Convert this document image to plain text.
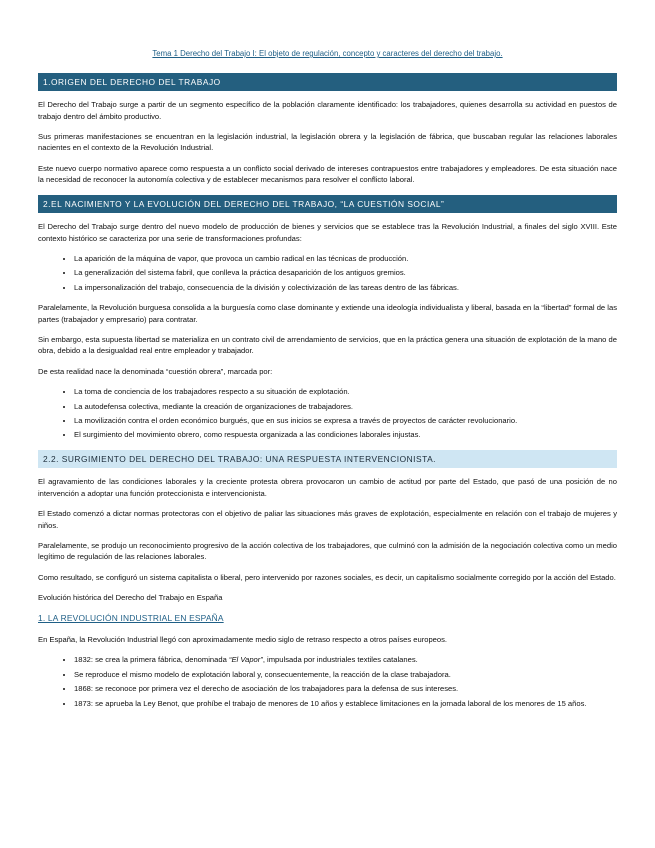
Tema 1 Derecho del Trabajo I: El objeto de regulación, concepto y caracteres del derecho del trabajo.
1.ORIGEN DEL DERECHO DEL TRABAJO

El Derecho del Trabajo surge a partir de un segmento específico de la población claramente identificado: los trabajadores, quienes desarrolla su actividad en puestos de trabajo dentro del ámbito productivo.

Sus primeras manifestaciones se encuentran en la legislación industrial, la legislación obrera y la legislación de fábrica, que buscaban regular las relaciones laborales nacientes en el contexto de la Revolución Industrial.

Este nuevo cuerpo normativo aparece como respuesta a un conflicto social derivado de intereses contrapuestos entre trabajadores y empleadores. De esta situación nace la necesidad de reconocer la autonomía colectiva y de establecer mecanismos para resolver el conflicto laboral.

2.EL NACIMIENTO Y LA EVOLUCIÓN DEL DERECHO DEL TRABAJO, “LA CUESTIÓN SOCIAL”

El Derecho del Trabajo surge dentro del nuevo modelo de producción de bienes y servicios que se establece tras la Revolución Industrial, a finales del siglo XVIII. Este contexto histórico se caracteriza por una serie de transformaciones profundas:

• La aparición de la máquina de vapor, que provoca un cambio radical en las técnicas de producción.
• La generalización del sistema fabril, que conlleva la práctica desaparición de los antiguos gremios.
• La impersonalización del trabajo, consecuencia de la división y colectivización de las tareas dentro de las fábricas.

Paralelamente, la Revolución burguesa consolida a la burguesía como clase dominante y extiende una ideología individualista y liberal, basada en la “libertad” formal de las partes (trabajador y empresario) para contratar.

Sin embargo, esta supuesta libertad se materializa en un contrato civil de arrendamiento de servicios, que en la práctica genera una situación de explotación de la mano de obra, debido a la desigualdad real entre empleador y trabajador.

De esta realidad nace la denominada “cuestión obrera”, marcada por:

• La toma de conciencia de los trabajadores respecto a su situación de explotación.
• La autodefensa colectiva, mediante la creación de organizaciones de trabajadores.
• La movilización contra el orden económico burgués, que en sus inicios se expresa a través de proyectos de carácter revolucionario.
• El surgimiento del movimiento obrero, como respuesta organizada a las condiciones laborales injustas.
2.2. SURGIMIENTO DEL DERECHO DEL TRABAJO: UNA RESPUESTA INTERVENCIONISTA.

El agravamiento de las condiciones laborales y la creciente protesta obrera provocaron un cambio de actitud por parte del Estado, que pasó de una posición de no intervención a adoptar una función proteccionista e intervencionista.

El Estado comenzó a dictar normas protectoras con el objetivo de paliar las situaciones más graves de explotación, especialmente en relación con el trabajo de mujeres y niños.

Paralelamente, se produjo un reconocimiento progresivo de la acción colectiva de los trabajadores, que culminó con la admisión de la negociación colectiva como un medio legítimo de regulación de las relaciones laborales.

Como resultado, se configuró un sistema capitalista o liberal, pero intervenido por razones sociales, es decir, un capitalismo socialmente corregido por la acción del Estado.

Evolución histórica del Derecho del Trabajo en España
1. LA REVOLUCIÓN INDUSTRIAL EN ESPAÑA

En España, la Revolución Industrial llegó con aproximadamente medio siglo de retraso respecto a otros países europeos.

• 1832: se crea la primera fábrica, denominada “El Vapor”, impulsada por industriales textiles catalanes.
• Se reproduce el mismo modelo de explotación laboral y, consecuentemente, la reacción de la clase trabajadora.
• 1868: se reconoce por primera vez el derecho de asociación de los trabajadores para la defensa de sus intereses.
• 1873: se aprueba la Ley Benot, que prohíbe el trabajo de menores de 10 años y establece limitaciones en la jornada laboral de los menores de 15 años.
